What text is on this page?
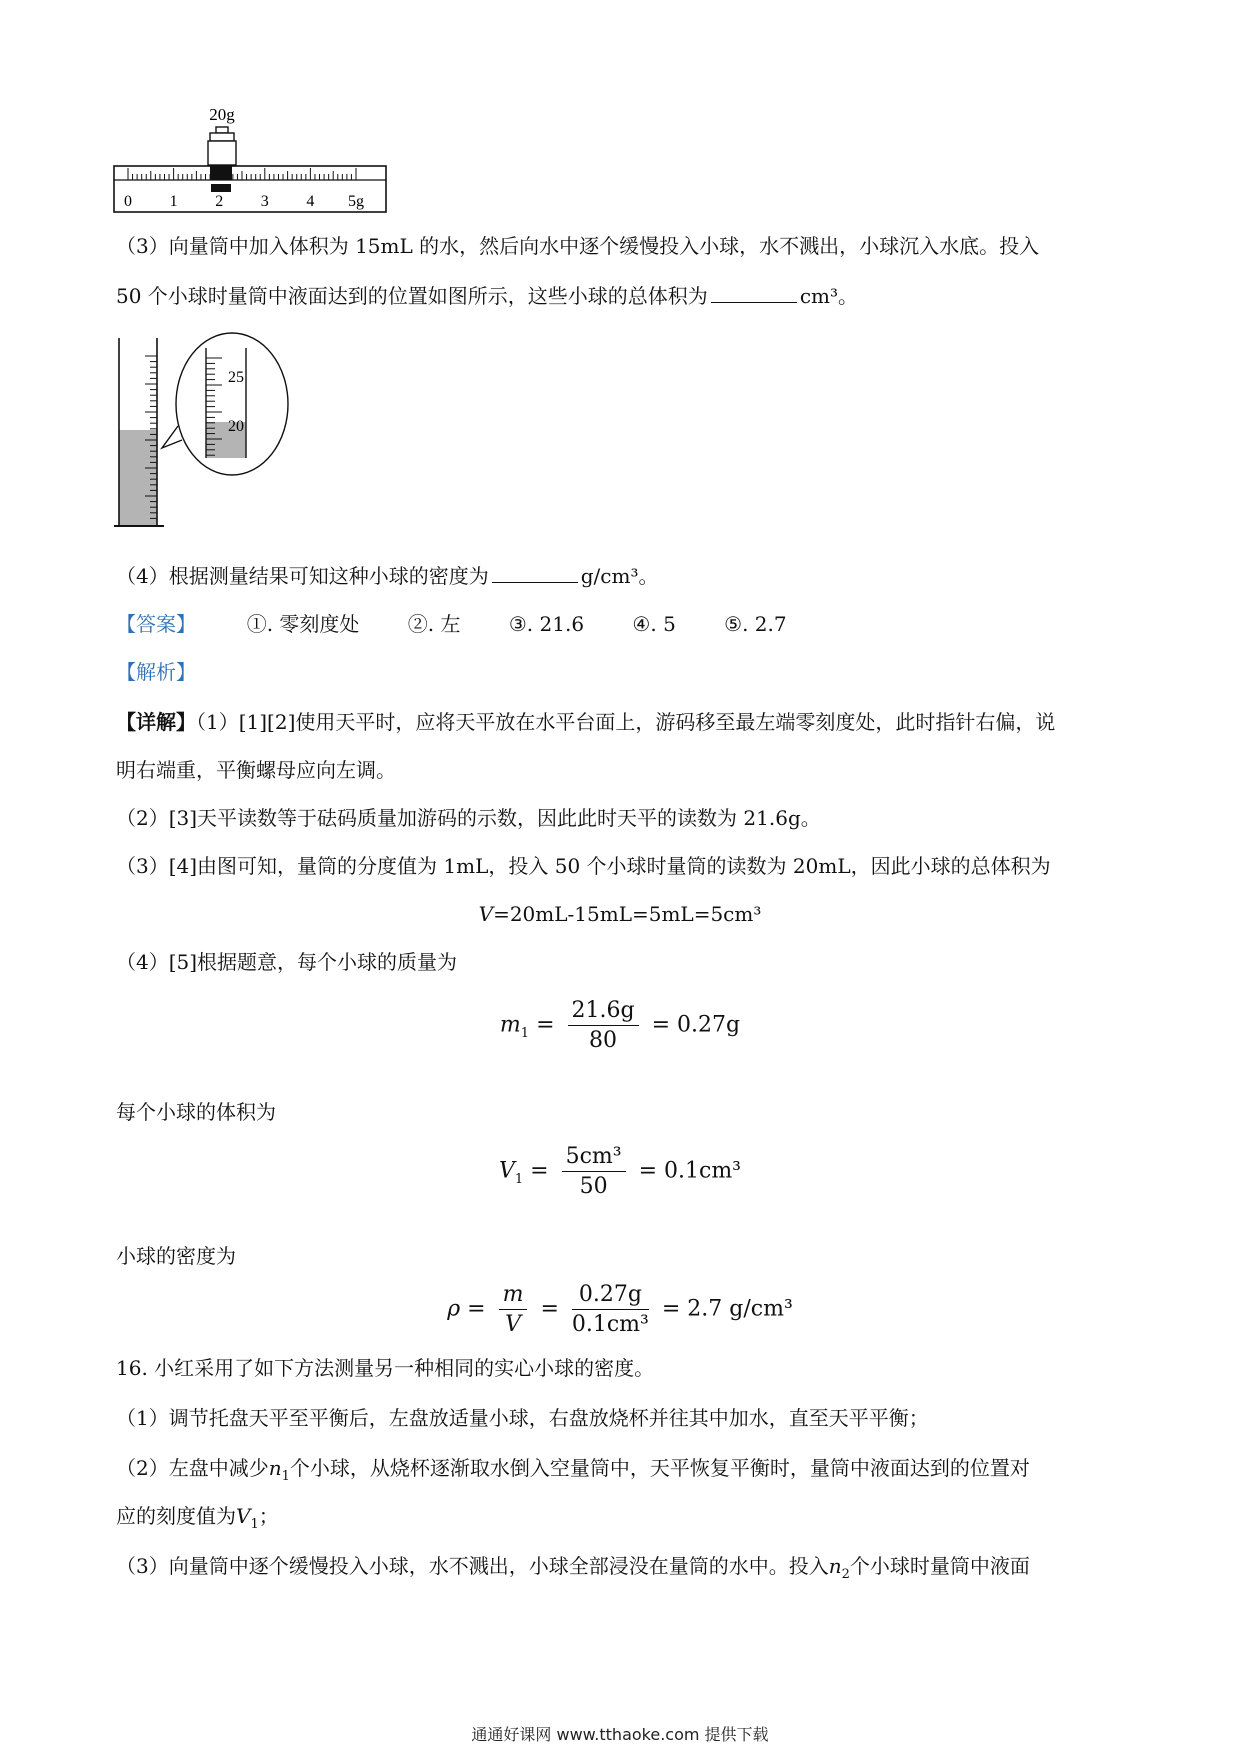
20g
0 1 2 3 4 5g
（3）向量筒中加入体积为 15mL 的水，然后向水中逐个缓慢投入小球，水不溅出，小球沉入水底。投入
50 个小球时量筒中液面达到的位置如图所示，这些小球的总体积为	cm³。
25
20
（4）根据测量结果可知这种小球的密度为	g/cm³。
【答案】	①. 零刻度处 ②. 左 ③. 21.6 ④. 5 ⑤. 2.7
【解析】
【详解】（1）[1][2]使用天平时，应将天平放在水平台面上，游码移至最左端零刻度处，此时指针右偏，说
明右端重，平衡螺母应向左调。
（2）[3]天平读数等于砝码质量加游码的示数，因此此时天平的读数为 21.6g。
（3）[4]由图可知，量筒的分度值为 1mL，投入 50 个小球时量筒的读数为 20mL，因此小球的总体积为
V=20mL-15mL=5mL=5cm³
（4）[5]根据题意，每个小球的质量为
$m_1 = \frac{21.6g}{80} = 0.27g$
每个小球的体积为
$V_1 = \frac{\text{5cm³}}{50} = 0.1cm^3$
小球的密度为
$\rho = \frac{m}{V} = \frac{0.27g}{\text{0.1cm³}} = 2.7$ g/cm³
16. 小红采用了如下方法测量另一种相同的实心小球的密度。
（1）调节托盘天平至平衡后，左盘放适量小球，右盘放烧杯并往其中加水，直至天平平衡；
（2）左盘中减少$n_1$个小球，从烧杯逐渐取水倒入空量筒中，天平恢复平衡时，量筒中液面达到的位置对
应的刻度值为$V_1$；
（3）向量筒中逐个缓慢投入小球，水不溅出，小球全部浸没在量筒的水中。投入$n_2$个小球时量筒中液面
通通好课网 www.tthaoke.com 提供下载
